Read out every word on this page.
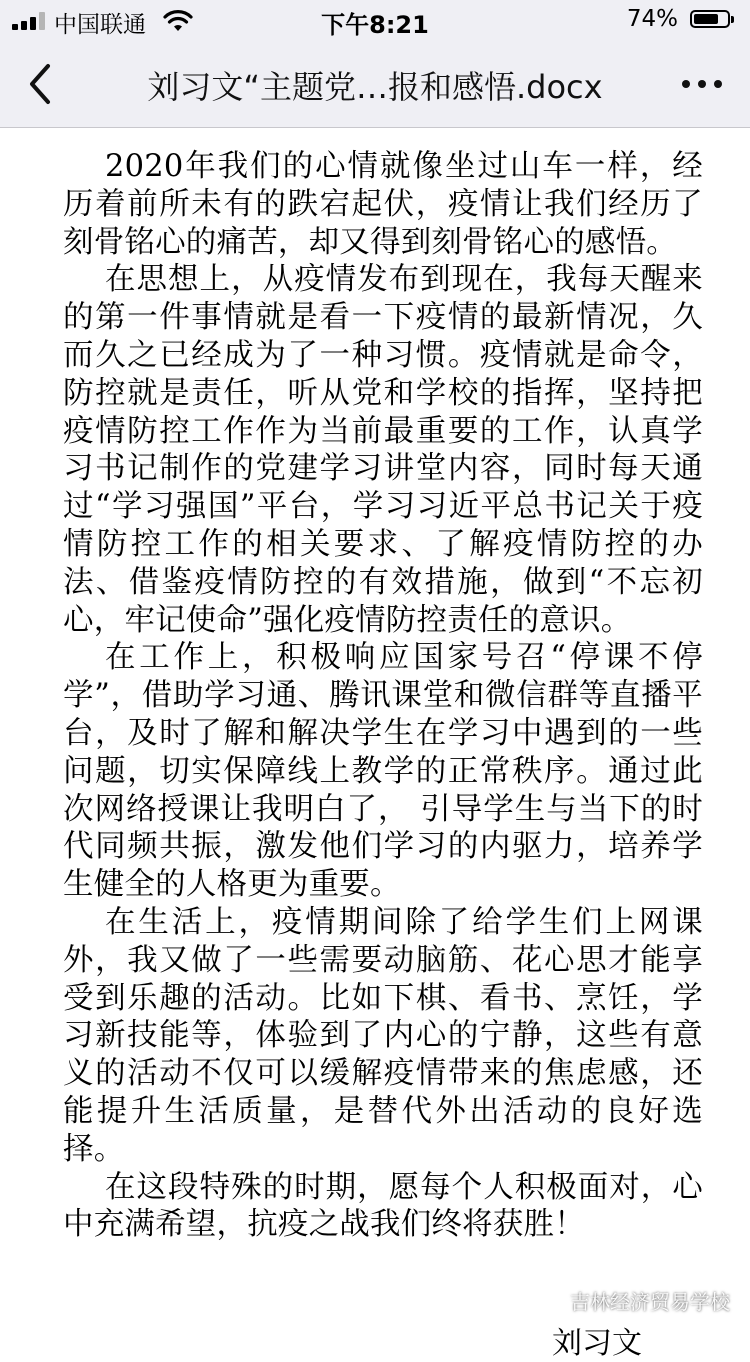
中国联通	下午8:21	74%
刘习文“主题党…报和感悟.docx

2020年我们的心情就像坐过山车一样，经历着前所未有的跌宕起伏，疫情让我们经历了刻骨铭心的痛苦，却又得到刻骨铭心的感悟。

在思想上，从疫情发布到现在，我每天醒来的第一件事情就是看一下疫情的最新情况，久而久之已经成为了一种习惯。疫情就是命令，防控就是责任，听从党和学校的指挥，坚持把疫情防控工作作为当前最重要的工作，认真学习书记制作的党建学习讲堂内容，同时每天通过“学习强国”平台，学习习近平总书记关于疫情防控工作的相关要求、了解疫情防控的办法、借鉴疫情防控的有效措施，做到“不忘初心，牢记使命”强化疫情防控责任的意识。

在工作上，积极响应国家号召“停课不停学”，借助学习通、腾讯课堂和微信群等直播平台，及时了解和解决学生在学习中遇到的一些问题，切实保障线上教学的正常秩序。通过此次网络授课让我明白了， 引导学生与当下的时代同频共振，激发他们学习的内驱力，培养学生健全的人格更为重要。

在生活上，疫情期间除了给学生们上网课外，我又做了一些需要动脑筋、花心思才能享受到乐趣的活动。比如下棋、看书、烹饪，学习新技能等，体验到了内心的宁静，这些有意义的活动不仅可以缓解疫情带来的焦虑感，还能提升生活质量，是替代外出活动的良好选择。

在这段特殊的时期，愿每个人积极面对，心中充满希望，抗疫之战我们终将获胜！

刘习文
吉林经济贸易学校
